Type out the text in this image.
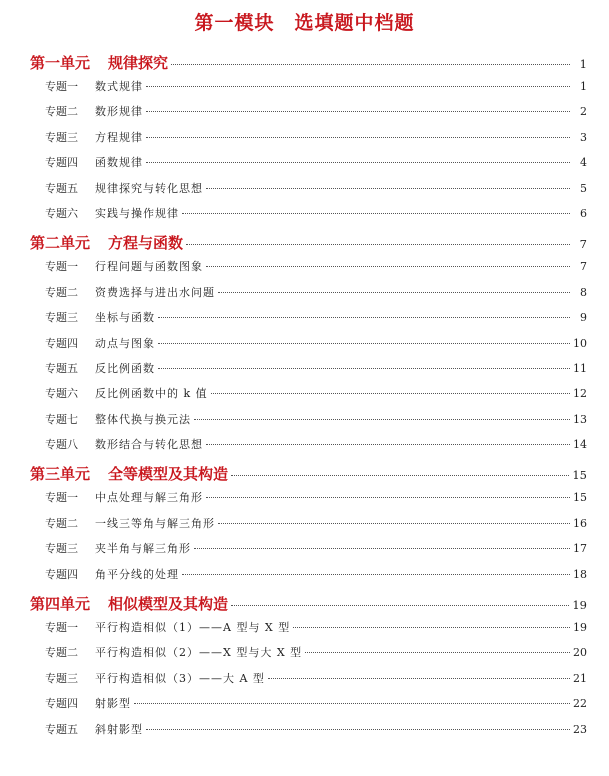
第一模块　选填题中档题
第一单元 规律探究	1
专题一	数式规律	1
专题二	数形规律	2
专题三	方程规律	3
专题四	函数规律	4
专题五	规律探究与转化思想	5
专题六	实践与操作规律	6
第二单元 方程与函数	7
专题一	行程问题与函数图象	7
专题二	资费选择与进出水问题	8
专题三	坐标与函数	9
专题四	动点与图象	10
专题五	反比例函数	11
专题六	反比例函数中的 k 值	12
专题七	整体代换与换元法	13
专题八	数形结合与转化思想	14
第三单元 全等模型及其构造	15
专题一	中点处理与解三角形	15
专题二	一线三等角与解三角形	16
专题三	夹半角与解三角形	17
专题四	角平分线的处理	18
第四单元 相似模型及其构造	19
专题一	平行构造相似（1）——A 型与 X 型	19
专题二	平行构造相似（2）——X 型与大 X 型	20
专题三	平行构造相似（3）——大 A 型	21
专题四	射影型	22
专题五	斜射影型	23
